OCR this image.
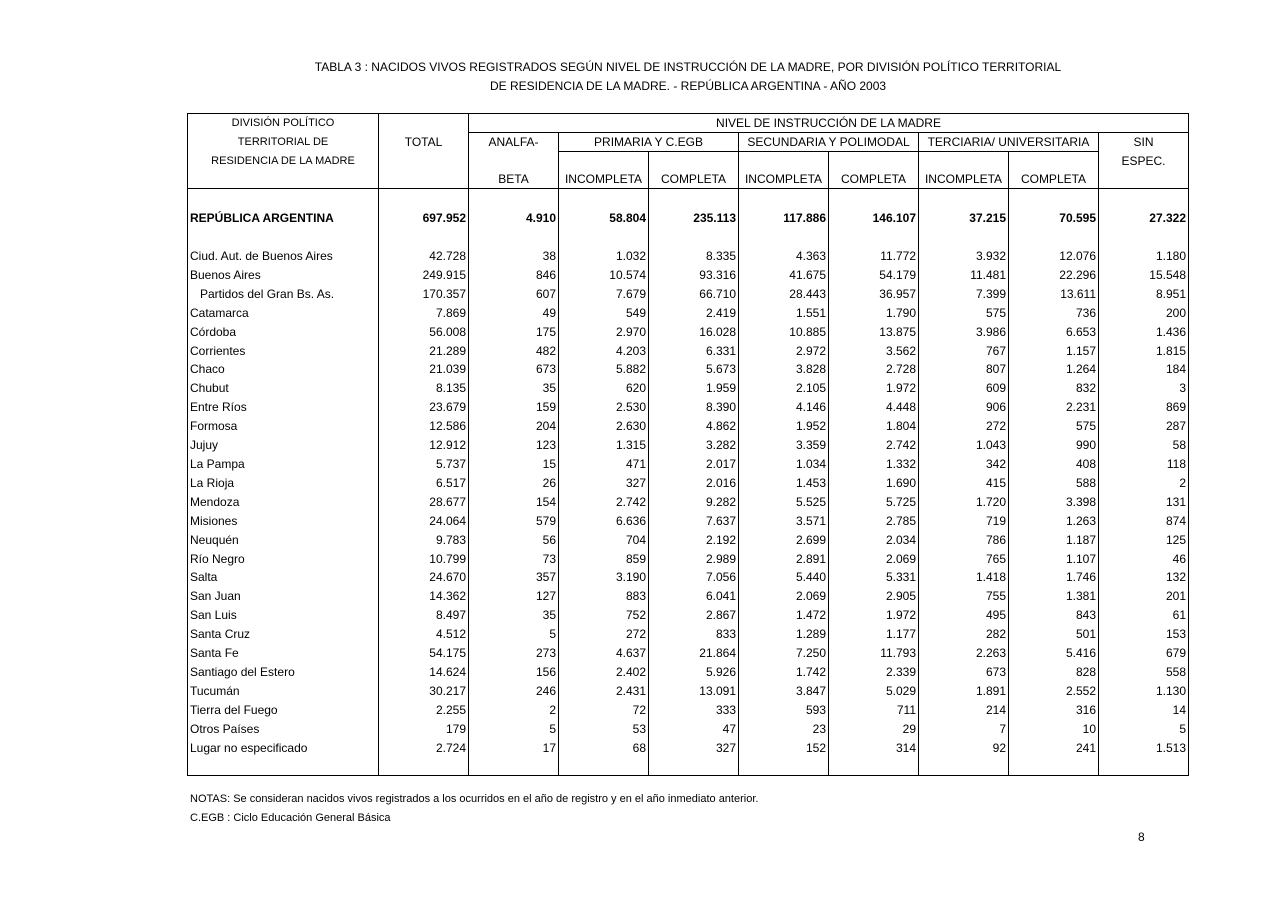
TABLA 3 : NACIDOS VIVOS REGISTRADOS SEGÚN NIVEL DE INSTRUCCIÓN DE LA MADRE, POR DIVISIÓN POLÍTICO TERRITORIAL
DE RESIDENCIA DE LA MADRE. - REPÚBLICA ARGENTINA - AÑO 2003
DIVISIÓN POLÍTICO		NIVEL DE INSTRUCCIÓN DE LA MADRE							
TERRITORIAL DE	TOTAL	ANALFA-	PRIMARIA Y C.EGB		SECUNDARIA Y POLIMODAL		TERCIARIA/ UNIVERSITARIA		SIN
RESIDENCIA DE LA MADRE									ESPEC.
		BETA	INCOMPLETA	COMPLETA	INCOMPLETA	COMPLETA	INCOMPLETA	COMPLETA	

REPÚBLICA ARGENTINA	697.952	4.910	58.804	235.113	117.886	146.107	37.215	70.595	27.322

Ciud. Aut. de Buenos Aires	42.728	38	1.032	8.335	4.363	11.772	3.932	12.076	1.180
Buenos Aires	249.915	846	10.574	93.316	41.675	54.179	11.481	22.296	15.548
Partidos del Gran Bs. As.	170.357	607	7.679	66.710	28.443	36.957	7.399	13.611	8.951
Catamarca	7.869	49	549	2.419	1.551	1.790	575	736	200
Córdoba	56.008	175	2.970	16.028	10.885	13.875	3.986	6.653	1.436
Corrientes	21.289	482	4.203	6.331	2.972	3.562	767	1.157	1.815
Chaco	21.039	673	5.882	5.673	3.828	2.728	807	1.264	184
Chubut	8.135	35	620	1.959	2.105	1.972	609	832	3
Entre Ríos	23.679	159	2.530	8.390	4.146	4.448	906	2.231	869
Formosa	12.586	204	2.630	4.862	1.952	1.804	272	575	287
Jujuy	12.912	123	1.315	3.282	3.359	2.742	1.043	990	58
La Pampa	5.737	15	471	2.017	1.034	1.332	342	408	118
La Rioja	6.517	26	327	2.016	1.453	1.690	415	588	2
Mendoza	28.677	154	2.742	9.282	5.525	5.725	1.720	3.398	131
Misiones	24.064	579	6.636	7.637	3.571	2.785	719	1.263	874
Neuquén	9.783	56	704	2.192	2.699	2.034	786	1.187	125
Río Negro	10.799	73	859	2.989	2.891	2.069	765	1.107	46
Salta	24.670	357	3.190	7.056	5.440	5.331	1.418	1.746	132
San Juan	14.362	127	883	6.041	2.069	2.905	755	1.381	201
San Luis	8.497	35	752	2.867	1.472	1.972	495	843	61
Santa Cruz	4.512	5	272	833	1.289	1.177	282	501	153
Santa Fe	54.175	273	4.637	21.864	7.250	11.793	2.263	5.416	679
Santiago del Estero	14.624	156	2.402	5.926	1.742	2.339	673	828	558
Tucumán	30.217	246	2.431	13.091	3.847	5.029	1.891	2.552	1.130
Tierra del Fuego	2.255	2	72	333	593	711	214	316	14
Otros Países	179	5	53	47	23	29	7	10	5
Lugar no especificado	2.724	17	68	327	152	314	92	241	1.513

NOTAS: Se consideran nacidos vivos registrados a los ocurridos en el año de registro y en el año inmediato anterior.
C.EGB : Ciclo Educación General Básica
8
